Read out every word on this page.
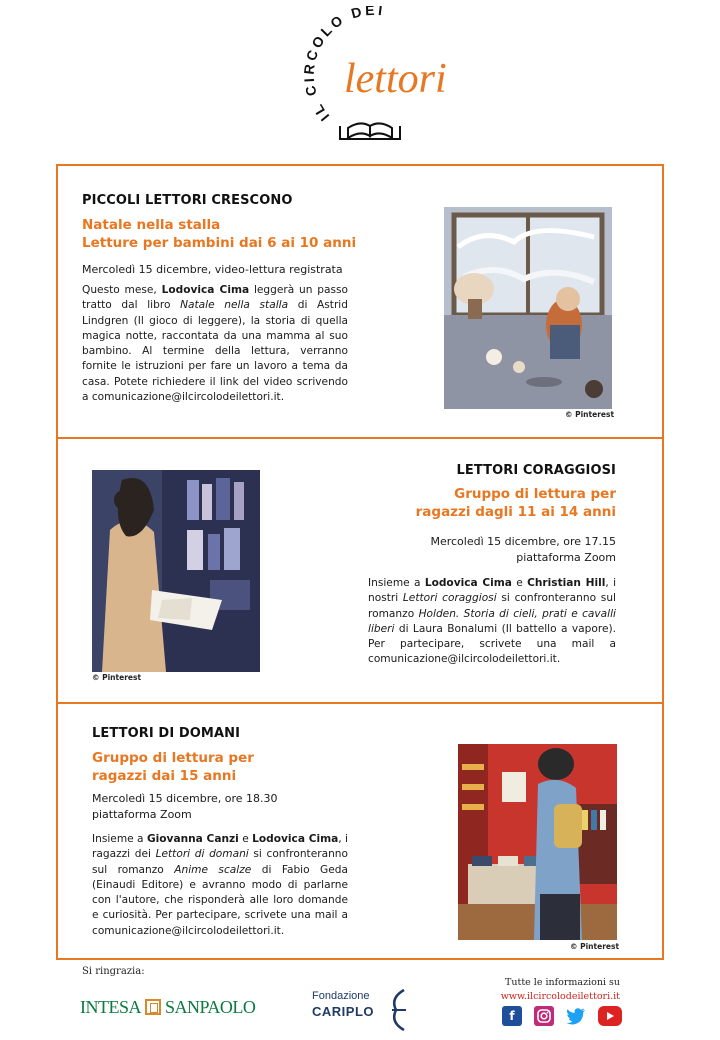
IL CIRCOLO DEI
lettori
PICCOLI LETTORI CRESCONO
Natale nella stalla
Letture per bambini dai 6 ai 10 anni
Mercoledì 15 dicembre, video-lettura registrata
Questo mese, Lodovica Cima leggerà un passo tratto dal libro Natale nella stalla di Astrid Lindgren (Il gioco di leggere), la storia di quella magica notte, raccontata da una mamma al suo bambino. Al termine della lettura, verranno fornite le istruzioni per fare un lavoro a tema da casa. Potete richiedere il link del video scrivendo a comunicazione@ilcircolodeilettori.it.
© Pinterest
© Pinterest
LETTORI CORAGGIOSI
Gruppo di lettura per
ragazzi dagli 11 ai 14 anni
Mercoledì 15 dicembre, ore 17.15
piattaforma Zoom
Insieme a Lodovica Cima e Christian Hill, i nostri Lettori coraggiosi si confronteranno sul romanzo Holden. Storia di cieli, prati e cavalli liberi di Laura Bonalumi (Il battello a vapore). Per partecipare, scrivete una mail a comunicazione@ilcircolodeilettori.it.
LETTORI DI DOMANI
Gruppo di lettura per
ragazzi dai 15 anni
Mercoledì 15 dicembre, ore 18.30
piattaforma Zoom
Insieme a Giovanna Canzi e Lodovica Cima, i ragazzi dei Lettori di domani si confronteranno sul romanzo Anime scalze di Fabio Geda (Einaudi Editore) e avranno modo di parlarne con l'autore, che risponderà alle loro domande e curiosità. Per partecipare, scrivete una mail a comunicazione@ilcircolodeilettori.it.
© Pinterest
Si ringrazia:
INTESA SANPAOLO
Fondazione
CARIPLO
Tutte le informazioni su
www.ilcircolodeilettori.it
f
